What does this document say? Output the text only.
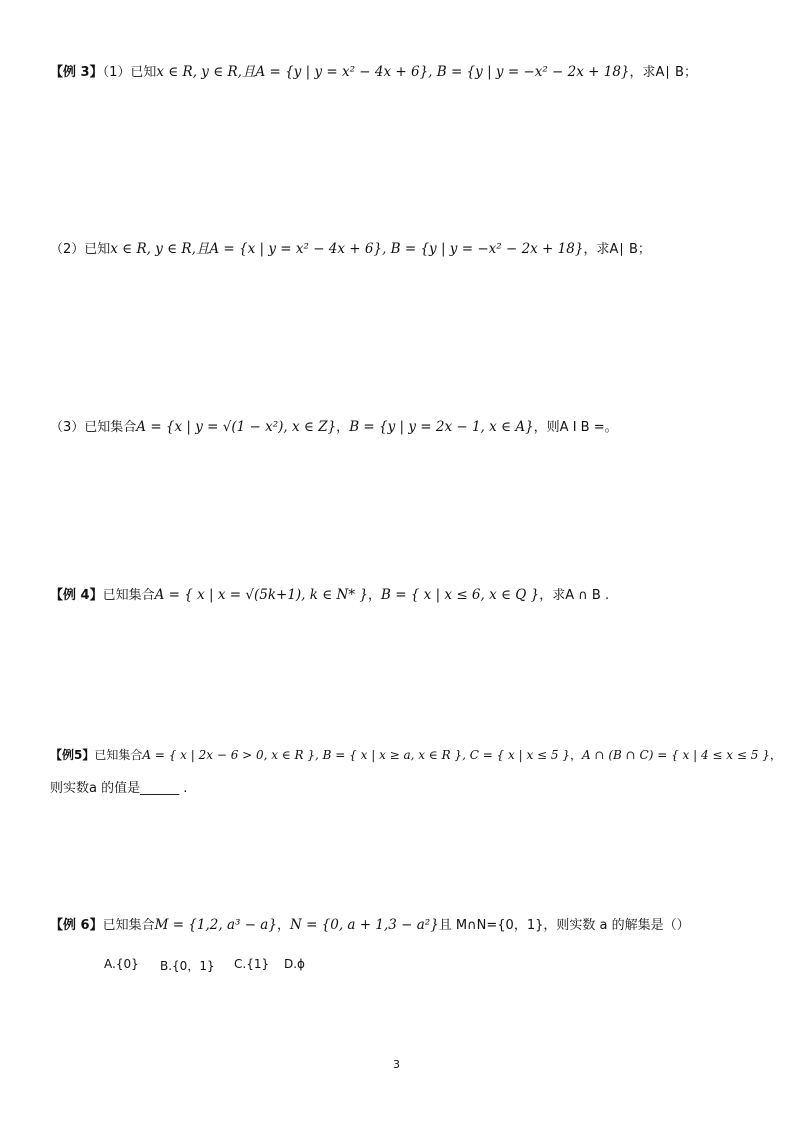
【例 3】（1）已知x ∈ R, y ∈ R,且A = {y | y = x² − 4x + 6}, B = {y | y = −x² − 2x + 18}，求A∣ B；
（2）已知x ∈ R, y ∈ R,且A = {x | y = x² − 4x + 6}, B = {y | y = −x² − 2x + 18}，求A∣ B；
（3）已知集合A = {x | y = √(1 − x²), x ∈ Z}，B = {y | y = 2x − 1, x ∈ A}，则A I B =。
【例 4】已知集合A = { x | x = √(5k+1), k ∈ N* }，B = { x | x ≤ 6, x ∈ Q }，求A ∩ B .
【例5】已知集合A = { x | 2x − 6 > 0, x ∈ R }, B = { x | x ≥ a, x ∈ R }, C = { x | x ≤ 5 }，A ∩ (B ∩ C) = { x | 4 ≤ x ≤ 5 }，
则实数a 的值是______ .
【例 6】已知集合M = {1,2, a³ − a}，N = {0, a + 1,3 − a²}且 M∩N={0，1}，则实数 a 的解集是（）
A.{0} B.{0，1} C.{1} D.ϕ
3
